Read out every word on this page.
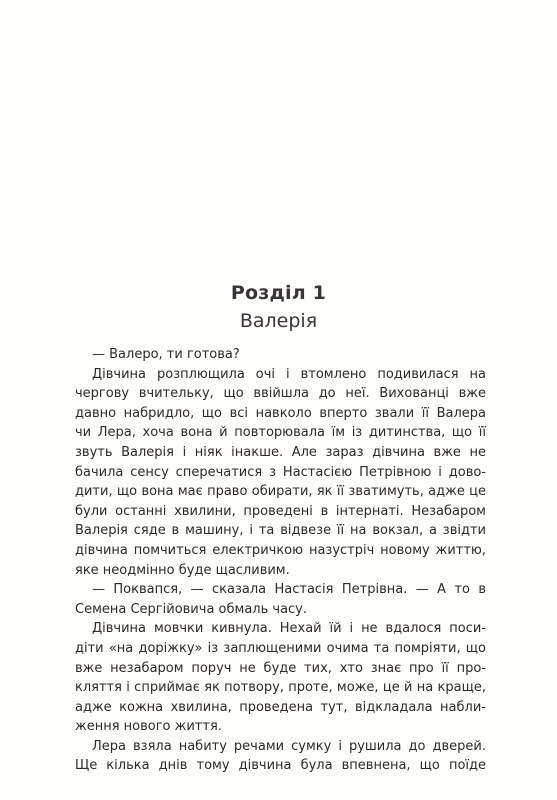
Розділ 1
Валерія
— Валеро, ти готова?
Дівчина розплющила очі і втомлено подивилася на
чергову вчительку, що ввійшла до неї. Вихованці вже
давно набридло, що всі навколо вперто звали її Валера
чи Лера, хоча вона й повторювала їм із дитинства, що її
звуть Валерія і ніяк інакше. Але зараз дівчина вже не
бачила сенсу сперечатися з Настасією Петрівною і дово-
дити, що вона має право обирати, як її зватимуть, адже це
були останні хвилини, проведені в інтернаті. Незабаром
Валерія сяде в машину, і та відвезе її на вокзал, а звідти
дівчина помчиться електричкою назустріч новому життю,
яке неодмінно буде щасливим.
— Поквапся, — сказала Настасія Петрівна. — А то в
Семена Сергійовича обмаль часу.
Дівчина мовчки кивнула. Нехай їй і не вдалося поси-
діти «на доріжку» із заплющеними очима та помріяти, що
вже незабаром поруч не буде тих, хто знає про її про-
кляття і сприймає як потвору, проте, може, це й на краще,
адже кожна хвилина, проведена тут, відкладала набли-
ження нового життя.
Лера взяла набиту речами сумку і рушила до дверей.
Ще кілька днів тому дівчина була впевнена, що поїде
